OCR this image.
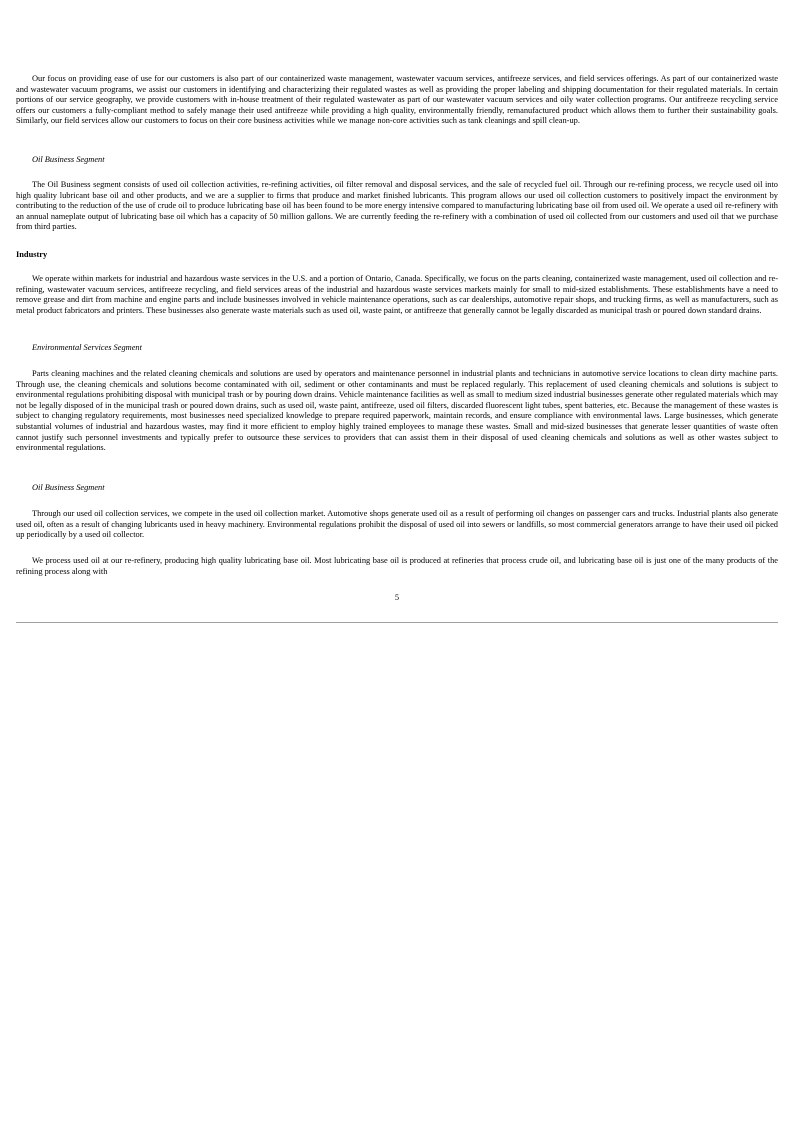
Our focus on providing ease of use for our customers is also part of our containerized waste management, wastewater vacuum services, antifreeze services, and field services offerings. As part of our containerized waste and wastewater vacuum programs, we assist our customers in identifying and characterizing their regulated wastes as well as providing the proper labeling and shipping documentation for their regulated materials. In certain portions of our service geography, we provide customers with in-house treatment of their regulated wastewater as part of our wastewater vacuum services and oily water collection programs. Our antifreeze recycling service offers our customers a fully-compliant method to safely manage their used antifreeze while providing a high quality, environmentally friendly, remanufactured product which allows them to further their sustainability goals. Similarly, our field services allow our customers to focus on their core business activities while we manage non-core activities such as tank cleanings and spill clean-up.

Oil Business Segment

The Oil Business segment consists of used oil collection activities, re-refining activities, oil filter removal and disposal services, and the sale of recycled fuel oil. Through our re-refining process, we recycle used oil into high quality lubricant base oil and other products, and we are a supplier to firms that produce and market finished lubricants. This program allows our used oil collection customers to positively impact the environment by contributing to the reduction of the use of crude oil to produce lubricating base oil has been found to be more energy intensive compared to manufacturing lubricating base oil from used oil. We operate a used oil re-refinery with an annual nameplate output of lubricating base oil which has a capacity of 50 million gallons. We are currently feeding the re-refinery with a combination of used oil collected from our customers and used oil that we purchase from third parties.

Industry

We operate within markets for industrial and hazardous waste services in the U.S. and a portion of Ontario, Canada. Specifically, we focus on the parts cleaning, containerized waste management, used oil collection and re-refining, wastewater vacuum services, antifreeze recycling, and field services areas of the industrial and hazardous waste services markets mainly for small to mid-sized establishments. These establishments have a need to remove grease and dirt from machine and engine parts and include businesses involved in vehicle maintenance operations, such as car dealerships, automotive repair shops, and trucking firms, as well as manufacturers, such as metal product fabricators and printers. These businesses also generate waste materials such as used oil, waste paint, or antifreeze that generally cannot be legally discarded as municipal trash or poured down standard drains.

Environmental Services Segment

Parts cleaning machines and the related cleaning chemicals and solutions are used by operators and maintenance personnel in industrial plants and technicians in automotive service locations to clean dirty machine parts. Through use, the cleaning chemicals and solutions become contaminated with oil, sediment or other contaminants and must be replaced regularly. This replacement of used cleaning chemicals and solutions is subject to environmental regulations prohibiting disposal with municipal trash or by pouring down drains. Vehicle maintenance facilities as well as small to medium sized industrial businesses generate other regulated materials which may not be legally disposed of in the municipal trash or poured down drains, such as used oil, waste paint, antifreeze, used oil filters, discarded fluorescent light tubes, spent batteries, etc. Because the management of these wastes is subject to changing regulatory requirements, most businesses need specialized knowledge to prepare required paperwork, maintain records, and ensure compliance with environmental laws. Large businesses, which generate substantial volumes of industrial and hazardous wastes, may find it more efficient to employ highly trained employees to manage these wastes. Small and mid-sized businesses that generate lesser quantities of waste often cannot justify such personnel investments and typically prefer to outsource these services to providers that can assist them in their disposal of used cleaning chemicals and solutions as well as other wastes subject to environmental regulations.

Oil Business Segment

Through our used oil collection services, we compete in the used oil collection market. Automotive shops generate used oil as a result of performing oil changes on passenger cars and trucks. Industrial plants also generate used oil, often as a result of changing lubricants used in heavy machinery. Environmental regulations prohibit the disposal of used oil into sewers or landfills, so most commercial generators arrange to have their used oil picked up periodically by a used oil collector.

We process used oil at our re-refinery, producing high quality lubricating base oil. Most lubricating base oil is produced at refineries that process crude oil, and lubricating base oil is just one of the many products of the refining process along with

5
